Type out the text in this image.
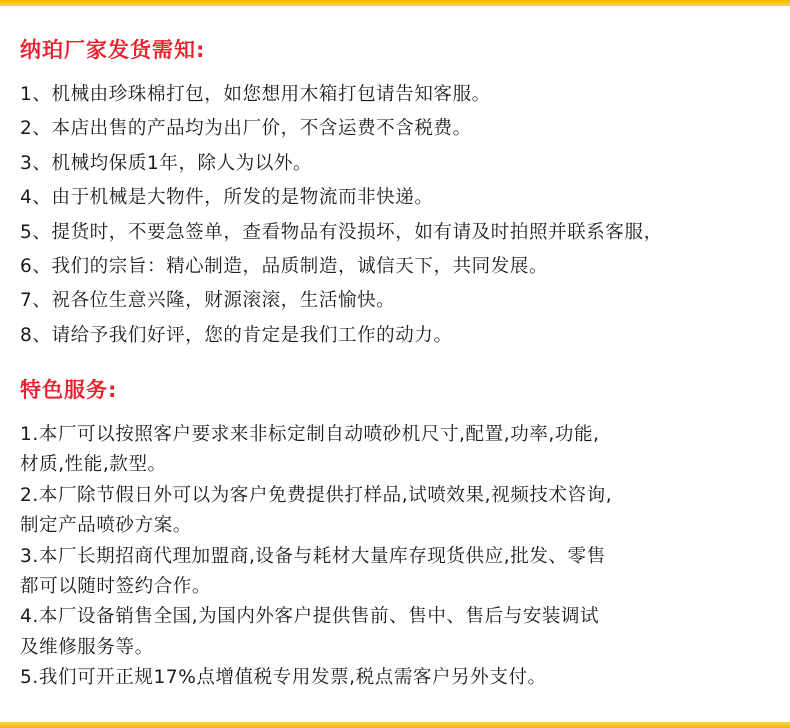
纳珀厂家发货需知:
1、机械由珍珠棉打包，如您想用木箱打包请告知客服。
2、本店出售的产品均为出厂价，不含运费不含税费。
3、机械均保质1年，除人为以外。
4、由于机械是大物件，所发的是物流而非快递。
5、提货时，不要急签单，查看物品有没损坏，如有请及时拍照并联系客服，
6、我们的宗旨：精心制造，品质制造，诚信天下，共同发展。
7、祝各位生意兴隆，财源滚滚，生活愉快。
8、请给予我们好评，您的肯定是我们工作的动力。
特色服务:
1.本厂可以按照客户要求来非标定制自动喷砂机尺寸,配置,功率,功能,
材质,性能,款型。
2.本厂除节假日外可以为客户免费提供打样品,试喷效果,视频技术咨询,
制定产品喷砂方案。
3.本厂长期招商代理加盟商,设备与耗材大量库存现货供应,批发、零售
都可以随时签约合作。
4.本厂设备销售全国,为国内外客户提供售前、售中、售后与安装调试
及维修服务等。
5.我们可开正规17%点增值税专用发票,税点需客户另外支付。
